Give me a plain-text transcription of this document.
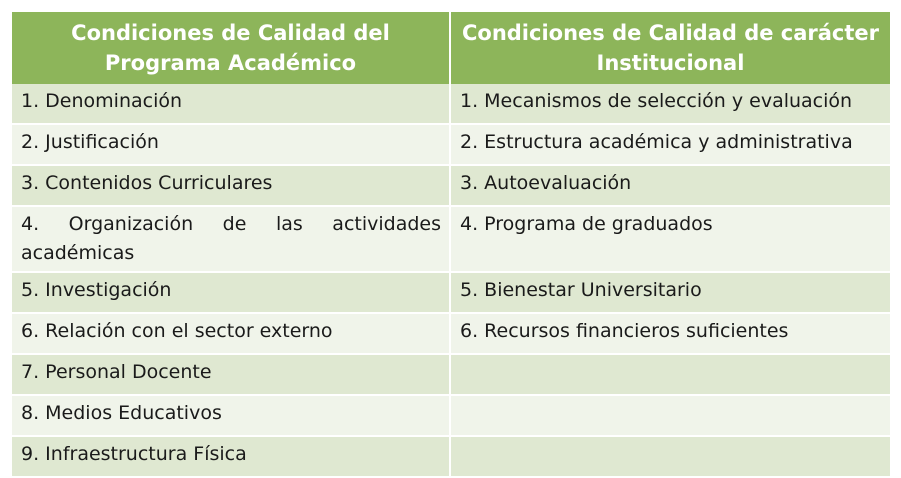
Condiciones de Calidad del Programa Académico	Condiciones de Calidad de carácter Institucional
1. Denominación	1. Mecanismos de selección y evaluación
2. Justificación	2. Estructura académica y administrativa
3. Contenidos Curriculares	3. Autoevaluación
4. Organización de las actividades académicas	4. Programa de graduados
5. Investigación	5. Bienestar Universitario
6. Relación con el sector externo	6. Recursos financieros suficientes
7. Personal Docente	
8. Medios Educativos	
9. Infraestructura Física	
